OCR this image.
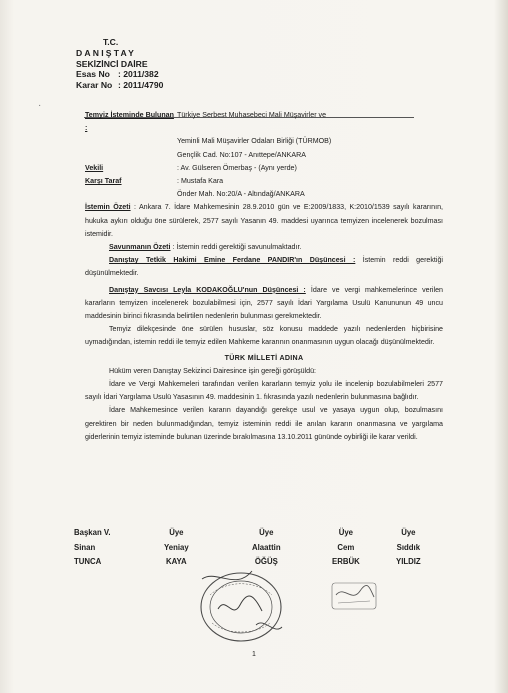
·
T.C.
DANIŞTAY
SEKİZİNCİ DAİRE
Esas No : 2011/382
Karar No : 2011/4790
Temyiz İsteminde Bulunan :
Türkiye Serbest Muhasebeci Mali Müşavirler ve
Yeminli Mali Müşavirler Odaları Birliği (TÜRMOB)
Gençlik Cad. No:107 - Anıttepe/ANKARA
Vekili	: Av. Gülseren Ömerbaş - (Aynı yerde)
Karşı Taraf	: Mustafa Kara
Önder Mah. No:20/A - Altındağ/ANKARA

İstemin Özeti : Ankara 7. İdare Mahkemesinin 28.9.2010 gün ve E:2009/1833, K:2010/1539 sayılı kararının, hukuka aykırı olduğu öne sürülerek, 2577 sayılı Yasanın 49. maddesi uyarınca temyizen incelenerek bozulması istemidir.

Savunmanın Özeti : İstemin reddi gerektiği savunulmaktadır.

Danıştay Tetkik Hakimi Emine Ferdane PANDIR'ın Düşüncesi : İstemin reddi gerektiği düşünülmektedir.

Danıştay Savcısı Leyla KODAKOĞLU'nun Düşüncesi : İdare ve vergi mahkemelerince verilen kararların temyizen incelenerek bozulabilmesi için, 2577 sayılı İdari Yargılama Usulü Kanununun 49 uncu maddesinin birinci fıkrasında belirtilen nedenlerin bulunması gerekmektedir.

Temyiz dilekçesinde öne sürülen hususlar, söz konusu maddede yazılı nedenlerden hiçbirisine uymadığından, istemin reddi ile temyiz edilen Mahkeme kararının onanmasının uygun olacağı düşünülmektedir.

TÜRK MİLLETİ ADINA

Hüküm veren Danıştay Sekizinci Dairesince işin gereği görüşüldü:

İdare ve Vergi Mahkemeleri tarafından verilen kararların temyiz yolu ile incelenip bozulabilmeleri 2577 sayılı İdari Yargılama Usulü Yasasının 49. maddesinin 1. fıkrasında yazılı nedenlerin bulunmasına bağlıdır.

İdare Mahkemesince verilen kararın dayandığı gerekçe usul ve yasaya uygun olup, bozulmasını gerektiren bir neden bulunmadığından, temyiz isteminin reddi ile anılan kararın onanmasına ve yargılama giderlerinin temyiz isteminde bulunan üzerinde bırakılmasına 13.10.2011 gününde oybirliği ile karar verildi.

Başkan V.
Sinan
TUNCA
Üye
Yeniay
KAYA
Üye
Alaattin
ÖĞÜŞ
Üye
Cem
ERBÜK
Üye
Sıddık
YILDIZ
1
